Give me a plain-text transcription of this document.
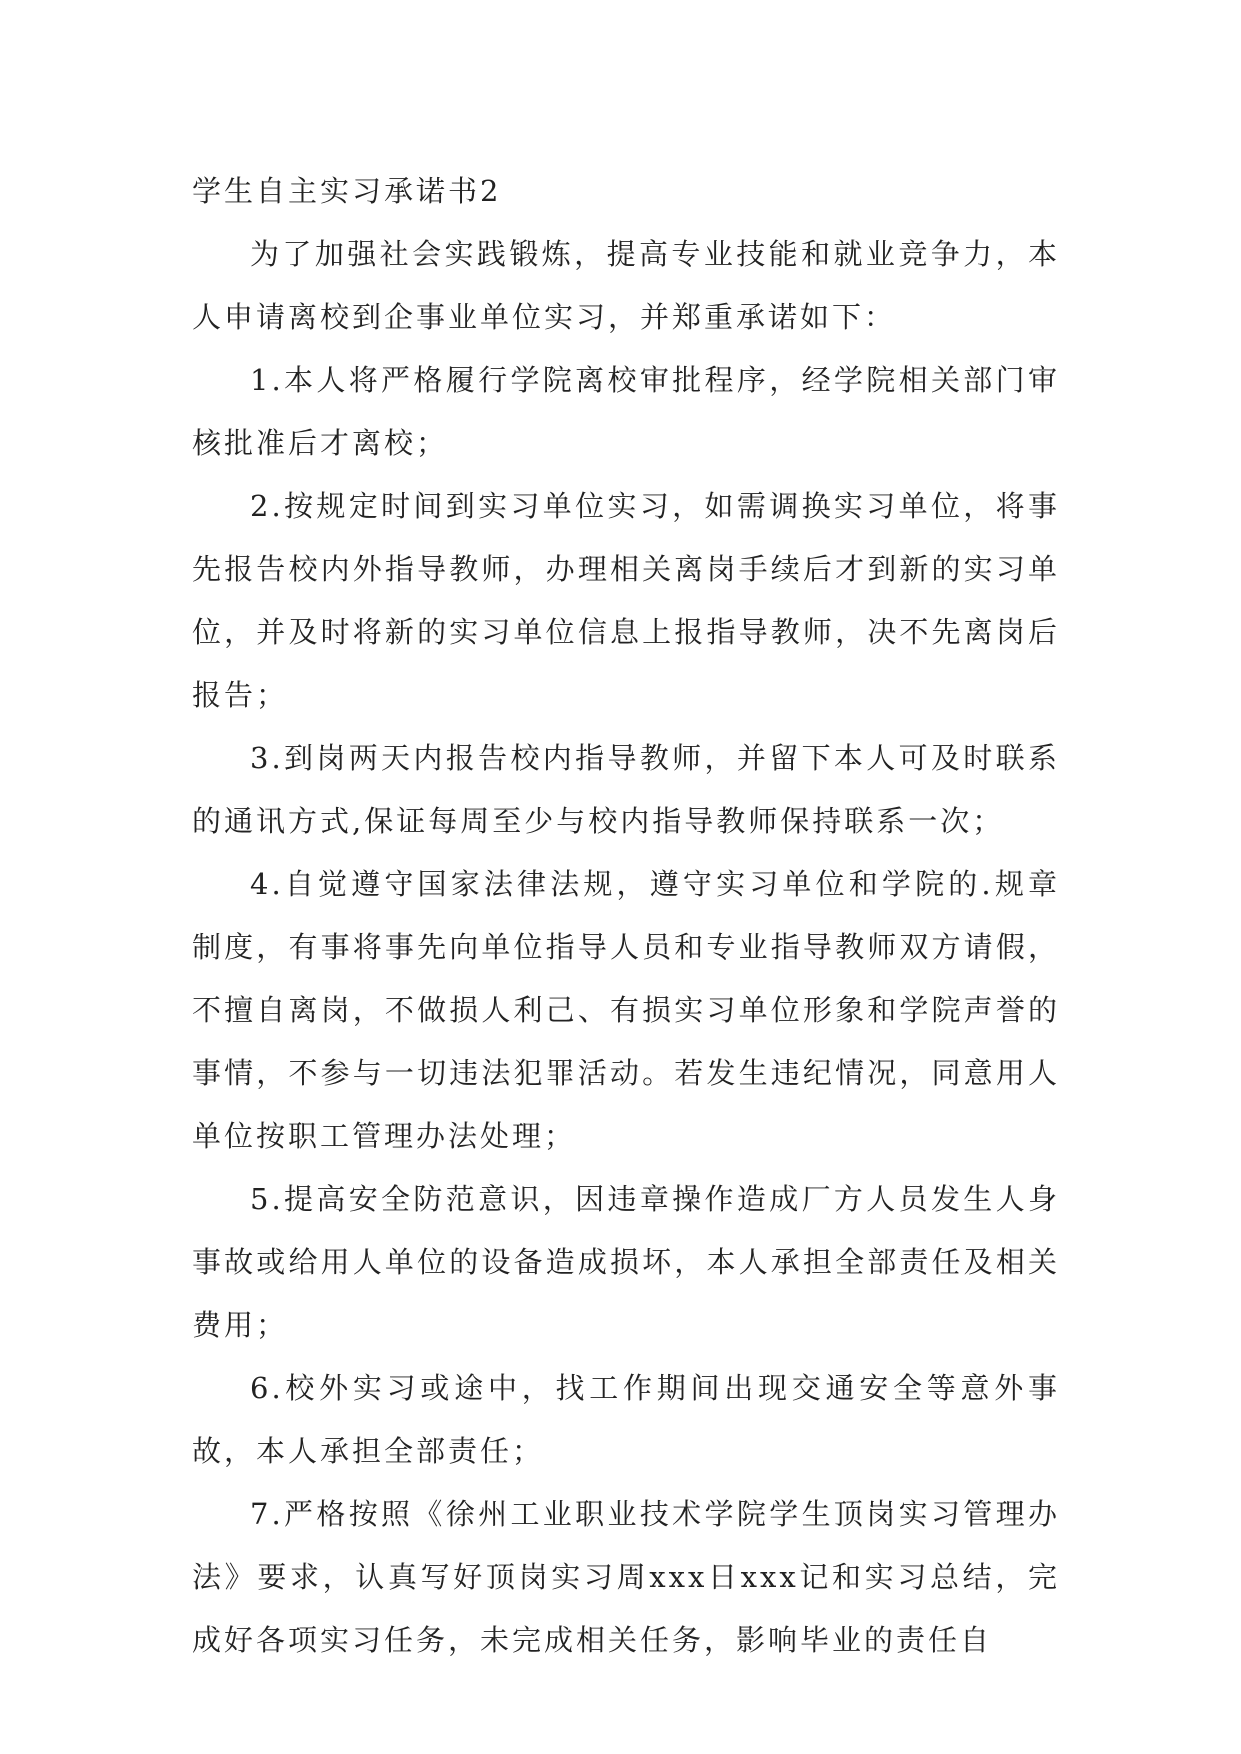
学生自主实习承诺书2

为了加强社会实践锻炼，提高专业技能和就业竞争力，本人申请离校到企事业单位实习，并郑重承诺如下：

1.本人将严格履行学院离校审批程序，经学院相关部门审核批准后才离校；

2.按规定时间到实习单位实习，如需调换实习单位，将事先报告校内外指导教师，办理相关离岗手续后才到新的实习单位，并及时将新的实习单位信息上报指导教师，决不先离岗后报告；

3.到岗两天内报告校内指导教师，并留下本人可及时联系的通讯方式,保证每周至少与校内指导教师保持联系一次；

4.自觉遵守国家法律法规，遵守实习单位和学院的.规章制度，有事将事先向单位指导人员和专业指导教师双方请假，不擅自离岗，不做损人利己、有损实习单位形象和学院声誉的事情，不参与一切违法犯罪活动。若发生违纪情况，同意用人单位按职工管理办法处理；

5.提高安全防范意识，因违章操作造成厂方人员发生人身事故或给用人单位的设备造成损坏，本人承担全部责任及相关费用；

6.校外实习或途中，找工作期间出现交通安全等意外事故，本人承担全部责任；

7.严格按照《徐州工业职业技术学院学生顶岗实习管理办法》要求，认真写好顶岗实习周xxx日xxx记和实习总结，完成好各项实习任务，未完成相关任务，影响毕业的责任自
